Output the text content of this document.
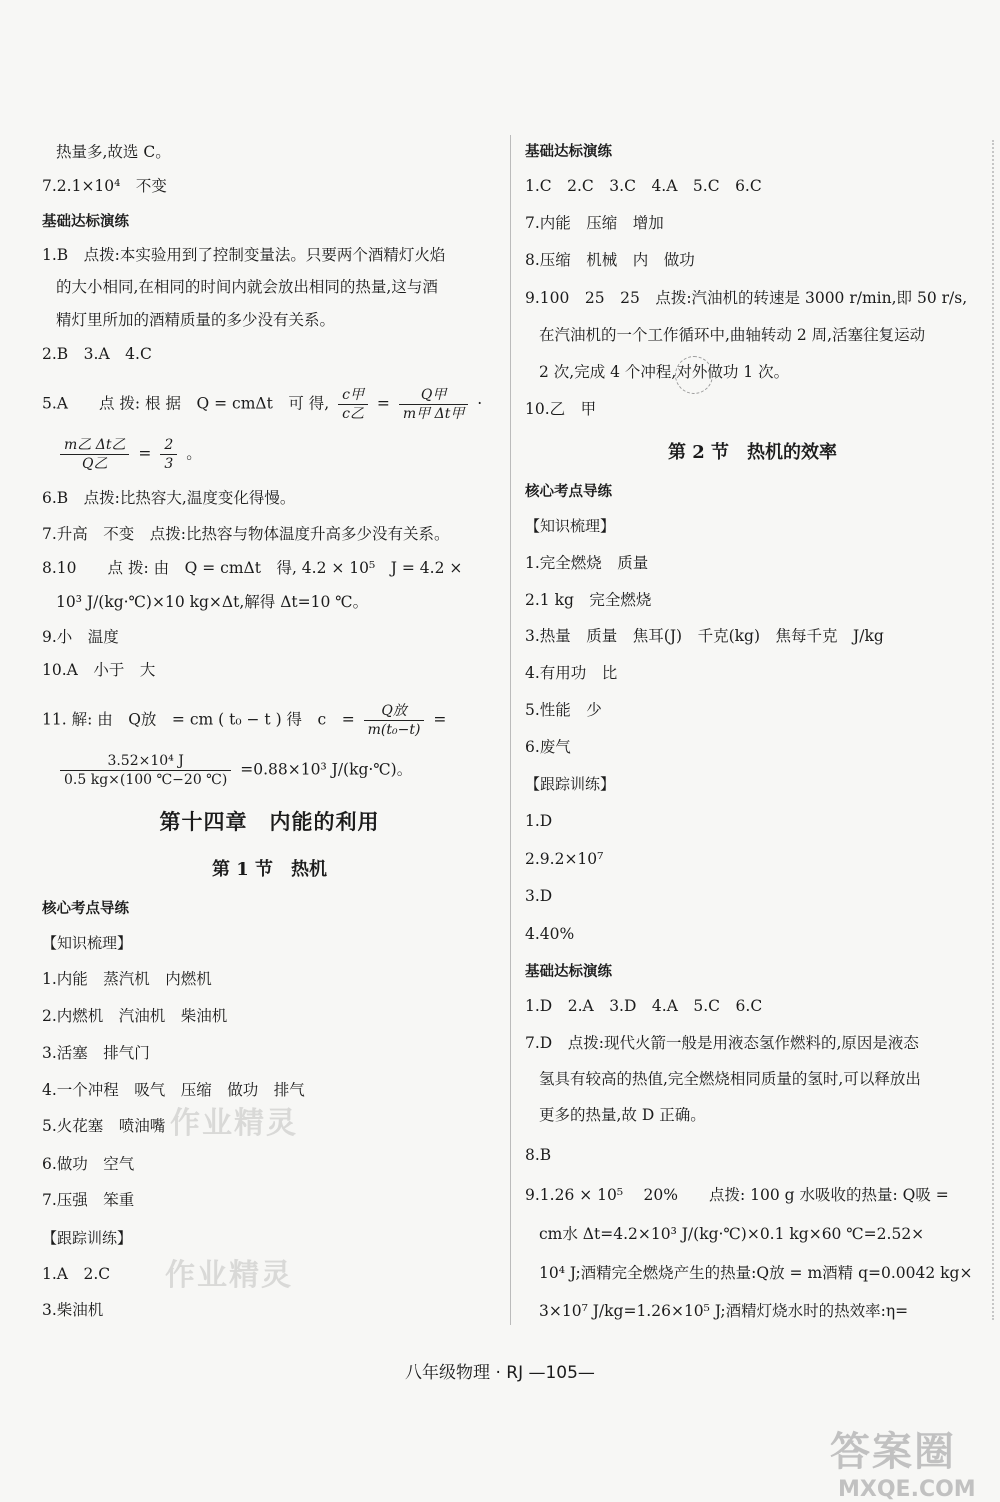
热量多,故选 C。
7.2.1×10⁴　不变
基础达标演练
1.B　点拨:本实验用到了控制变量法。只要两个酒精灯火焰
的大小相同,在相同的时间内就会放出相同的热量,这与酒
精灯里所加的酒精质量的多少没有关系。
2.B　3.A　4.C
5.A　　点 拨: 根 据　Q = cmΔt　可 得, $\frac{\text{c甲}}{\text{c乙}} = \frac{\text{Q甲}}{\text{m甲 Δt甲}}$ ·
$\frac{\text{m乙 Δt乙}}{\text{Q乙}} = \frac{2}{3}$ 。
6.B　点拨:比热容大,温度变化得慢。
7.升高　不变　点拨:比热容与物体温度升高多少没有关系。
8.10　　点 拨: 由　Q = cmΔt　得, 4.2 × 10⁵　J = 4.2 ×
10³ J/(kg·℃)×10 kg×Δt,解得 Δt=10 ℃。
9.小　温度
10.A　小于　大
11. 解: 由　Q放　= cm ( t₀ − t ) 得　c　= $\frac{\text{Q放}}{\text{m(t₀−t)}}$ =
$\frac{\text{3.52×10⁴ J}}{0.5 kg\times(100 ℃-20 ℃)} =0.88\times 10^3$ J/(kg·℃)。
第十四章　内能的利用
第 1 节　热机
核心考点导练
【知识梳理】
1.内能　蒸汽机　内燃机
2.内燃机　汽油机　柴油机
3.活塞　排气门
4.一个冲程　吸气　压缩　做功　排气
5.火花塞　喷油嘴
6.做功　空气
7.压强　笨重
【跟踪训练】
1.A　2.C
3.柴油机
基础达标演练
1.C　2.C　3.C　4.A　5.C　6.C
7.内能　压缩　增加
8.压缩　机械　内　做功
9.100　25　25　点拨:汽油机的转速是 3000 r/min,即 50 r/s,
在汽油机的一个工作循环中,曲轴转动 2 周,活塞往复运动
2 次,完成 4 个冲程,对外做功 1 次。
10.乙　甲
第 2 节　热机的效率
核心考点导练
【知识梳理】
1.完全燃烧　质量
2.1 kg　完全燃烧
3.热量　质量　焦耳(J)　千克(kg)　焦每千克　J/kg
4.有用功　比
5.性能　少
6.废气
【跟踪训练】
1.D
2.9.2×10⁷
3.D
4.40%
基础达标演练
1.D　2.A　3.D　4.A　5.C　6.C
7.D　点拨:现代火箭一般是用液态氢作燃料的,原因是液态
氢具有较高的热值,完全燃烧相同质量的氢时,可以释放出
更多的热量,故 D 正确。
8.B
9.1.26 × 10⁵　 20%　　点拨: 100 g 水吸收的热量: Q吸 =
cm水 Δt=4.2×10³ J/(kg·℃)×0.1 kg×60 ℃=2.52×
10⁴ J;酒精完全燃烧产生的热量:Q放 = m酒精 q=0.0042 kg×
3×10⁷ J/kg=1.26×10⁵ J;酒精灯烧水时的热效率:η=
作业精灵
作业精灵
八年级物理 · RJ —105—
答案圈
MXQE.COM
